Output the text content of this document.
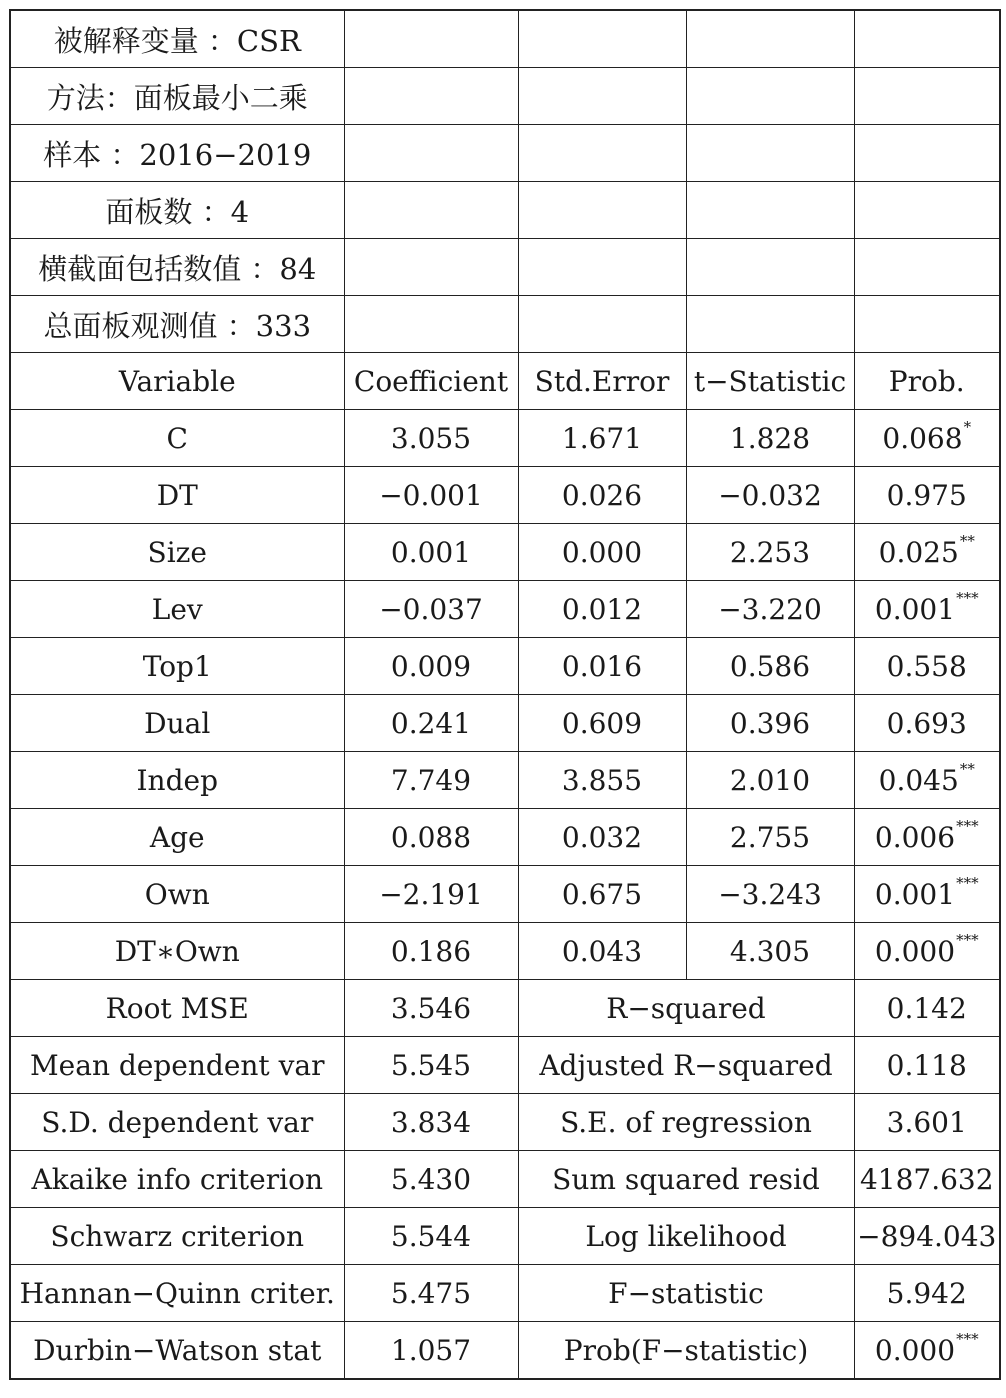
被解释变量 ：CSR				
方法：面板最小二乘				
样本 ：2016−2019				
面板数 ：4				
横截面包括数值 ：84				
总面板观测值 ：333				
Variable	Coefficient	Std.Error	t−Statistic	Prob.
C	3.055	1.671	1.828	0.068*
DT	−0.001	0.026	−0.032	0.975
Size	0.001	0.000	2.253	0.025**
Lev	−0.037	0.012	−3.220	0.001***
Top1	0.009	0.016	0.586	0.558
Dual	0.241	0.609	0.396	0.693
Indep	7.749	3.855	2.010	0.045**
Age	0.088	0.032	2.755	0.006***
Own	−2.191	0.675	−3.243	0.001***
DT∗Own	0.186	0.043	4.305	0.000***
Root MSE	3.546	R−squared		0.142
Mean dependent var	5.545	Adjusted R−squared		0.118
S.D. dependent var	3.834	S.E. of regression		3.601
Akaike info criterion	5.430	Sum squared resid		4187.632
Schwarz criterion	5.544	Log likelihood		−894.043
Hannan−Quinn criter.	5.475	F−statistic		5.942
Durbin−Watson stat	1.057	Prob(F−statistic)		0.000***
